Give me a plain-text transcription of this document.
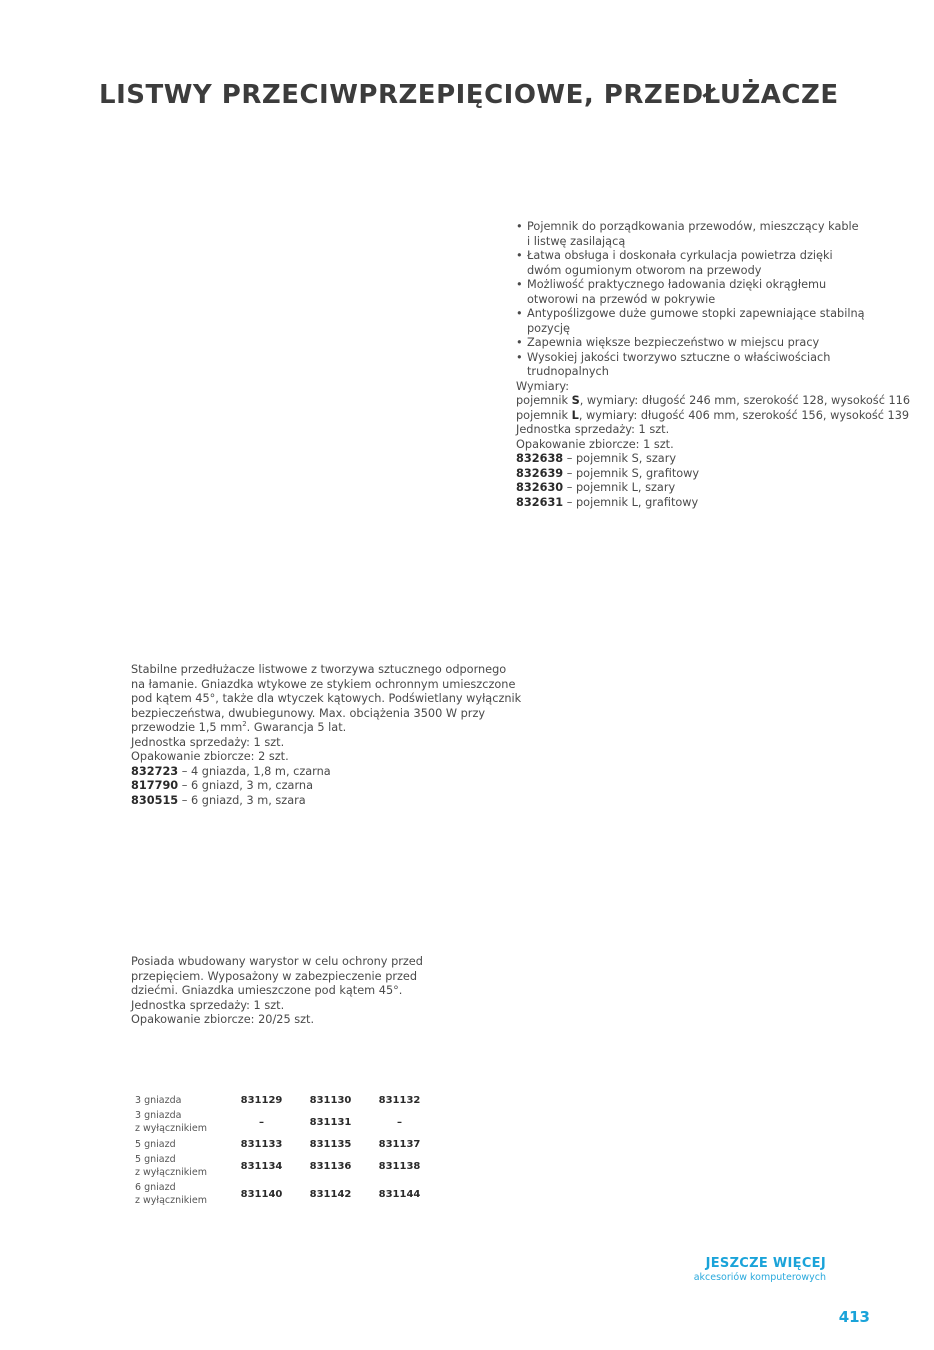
LISTWY PRZECIWPRZEPIĘCIOWE, PRZEDŁUŻACZE
• Pojemnik do porządkowania przewodów, mieszczący kable
i listwę zasilającą
• Łatwa obsługa i doskonała cyrkulacja powietrza dzięki
dwóm ogumionym otworom na przewody
• Możliwość praktycznego ładowania dzięki okrągłemu
otworowi na przewód w pokrywie
• Antypoślizgowe duże gumowe stopki zapewniające stabilną pozycję
• Zapewnia większe bezpieczeństwo w miejscu pracy
• Wysokiej jakości tworzywo sztuczne o właściwościach trudnopalnych
Wymiary:
pojemnik S, wymiary: długość 246 mm, szerokość 128, wysokość 116
pojemnik L, wymiary: długość 406 mm, szerokość 156, wysokość 139
Jednostka sprzedaży: 1 szt.
Opakowanie zbiorcze: 1 szt.
832638 – pojemnik S, szary
832639 – pojemnik S, grafitowy
832630 – pojemnik L, szary
832631 – pojemnik L, grafitowy
Stabilne przedłużacze listwowe z tworzywa sztucznego odpornego
na łamanie. Gniazdka wtykowe ze stykiem ochronnym umieszczone
pod kątem 45°, także dla wtyczek kątowych. Podświetlany wyłącznik
bezpieczeństwa, dwubiegunowy. Max. obciążenia 3500 W przy
przewodzie 1,5 $mm^2$. Gwarancja 5 lat.
Jednostka sprzedaży: 1 szt.
Opakowanie zbiorcze: 2 szt.
832723 – 4 gniazda, 1,8 m, czarna
817790 – 6 gniazd, 3 m, czarna
830515 – 6 gniazd, 3 m, szara
Posiada wbudowany warystor w celu ochrony przed
przepięciem. Wyposażony w zabezpieczenie przed
dziećmi. Gniazdka umieszczone pod kątem 45°.
Jednostka sprzedaży: 1 szt.
Opakowanie zbiorcze: 20/25 szt.
3 gniazda	831129	831130	831132
3 gniazda
z wyłącznikiem	–	831131	–
5 gniazd	831133	831135	831137
5 gniazd
z wyłącznikiem	831134	831136	831138
6 gniazd
z wyłącznikiem	831140	831142	831144
JESZCZE WIĘCEJ
akcesoriów komputerowych
413
